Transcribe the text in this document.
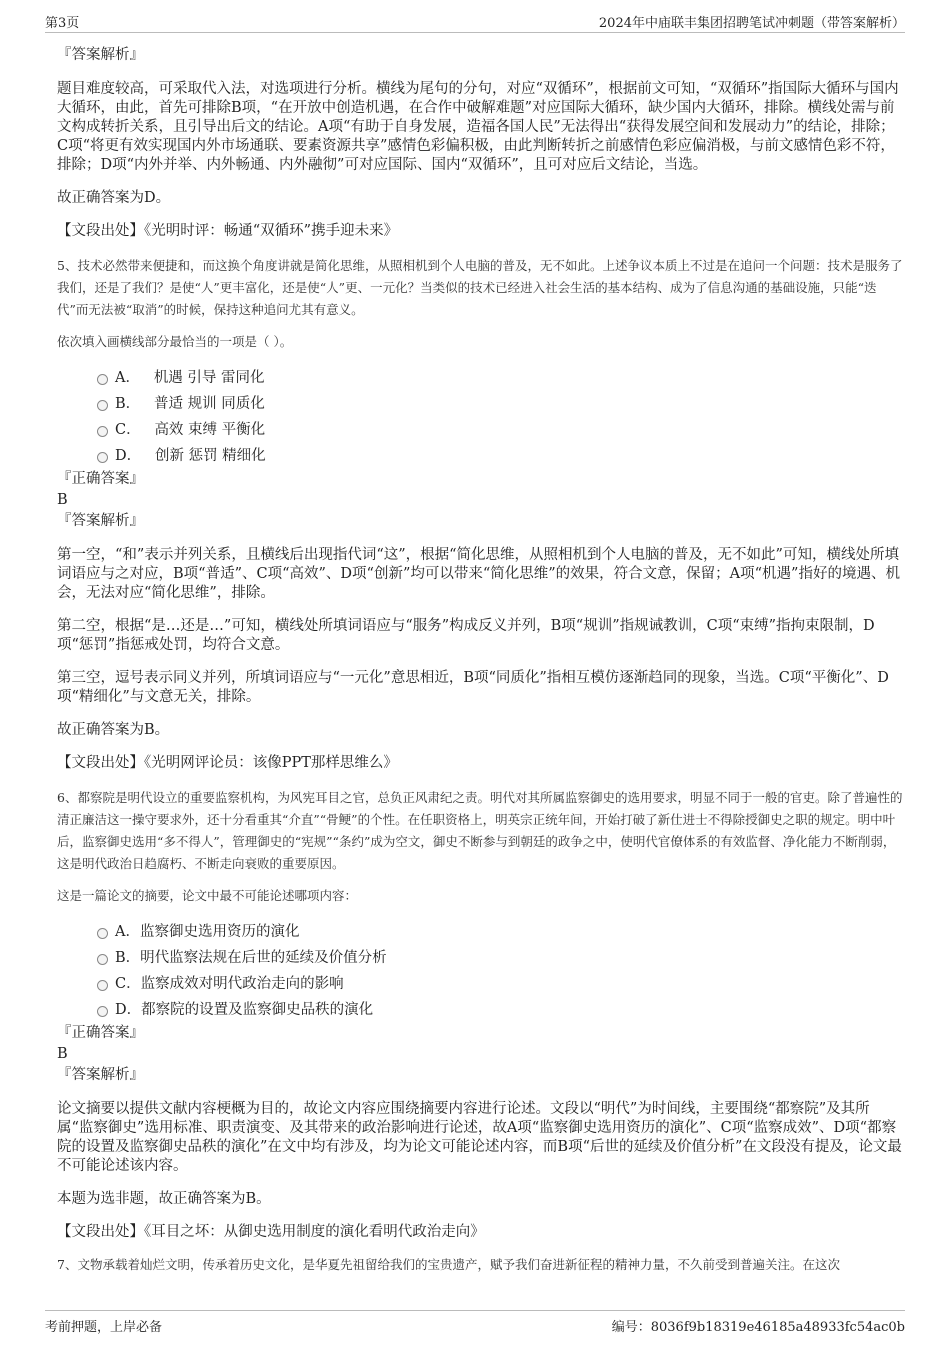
第3页	2024年中庙联丰集团招聘笔试冲刺题（带答案解析）
『答案解析』

题目难度较高，可采取代入法，对选项进行分析。横线为尾句的分句，对应“双循环”，根据前文可知，“双循环”指国际大循环与国内大循环，由此，首先可排除B项，“在开放中创造机遇，在合作中破解难题”对应国际大循环，缺少国内大循环，排除。横线处需与前文构成转折关系，且引导出后文的结论。A项“有助于自身发展，造福各国人民”无法得出“获得发展空间和发展动力”的结论，排除；C项“将更有效实现国内外市场通联、要素资源共享”感情色彩偏积极，由此判断转折之前感情色彩应偏消极，与前文感情色彩不符，排除；D项“内外并举、内外畅通、内外融彻”可对应国际、国内“双循环”，且可对应后文结论，当选。

故正确答案为D。

【文段出处】《光明时评：畅通“双循环”携手迎未来》

5、技术必然带来便捷和，而这换个角度讲就是简化思维，从照相机到个人电脑的普及，无不如此。上述争议本质上不过是在追问一个问题：技术是服务了我们，还是了我们？是使“人”更丰富化，还是使“人”更、一元化？当类似的技术已经进入社会生活的基本结构、成为了信息沟通的基础设施，只能“迭代”而无法被“取消”的时候，保持这种追问尤其有意义。

依次填入画横线部分最恰当的一项是（ ）。

A． 机遇 引导 雷同化
B． 普适 规训 同质化
C． 高效 束缚 平衡化
D． 创新 惩罚 精细化
『正确答案』
B
『答案解析』

第一空，“和”表示并列关系，且横线后出现指代词“这”，根据“简化思维，从照相机到个人电脑的普及，无不如此”可知，横线处所填词语应与之对应，B项“普适”、C项“高效”、D项“创新”均可以带来“简化思维”的效果，符合文意，保留；A项“机遇”指好的境遇、机会，无法对应“简化思维”，排除。

第二空，根据“是…还是…”可知，横线处所填词语应与“服务”构成反义并列，B项“规训”指规诫教训，C项“束缚”指拘束限制，D项“惩罚”指惩戒处罚，均符合文意。

第三空，逗号表示同义并列，所填词语应与“一元化”意思相近，B项“同质化”指相互模仿逐渐趋同的现象，当选。C项“平衡化”、D项“精细化”与文意无关，排除。

故正确答案为B。

【文段出处】《光明网评论员：该像PPT那样思维么》

6、都察院是明代设立的重要监察机构，为风宪耳目之官，总负正风肃纪之责。明代对其所属监察御史的选用要求，明显不同于一般的官吏。除了普遍性的清正廉洁这一操守要求外，还十分看重其“介直”“骨鲠”的个性。在任职资格上，明英宗正统年间，开始打破了新仕进士不得除授御史之职的规定。明中叶后，监察御史选用“多不得人”，管理御史的“宪规”“条约”成为空文，御史不断参与到朝廷的政争之中，使明代官僚体系的有效监督、净化能力不断削弱，这是明代政治日趋腐朽、不断走向衰败的重要原因。

这是一篇论文的摘要，论文中最不可能论述哪项内容：

A．监察御史选用资历的演化
B．明代监察法规在后世的延续及价值分析
C．监察成效对明代政治走向的影响
D．都察院的设置及监察御史品秩的演化
『正确答案』
B
『答案解析』

论文摘要以提供文献内容梗概为目的，故论文内容应围绕摘要内容进行论述。文段以“明代”为时间线，主要围绕“都察院”及其所属“监察御史”选用标准、职责演变、及其带来的政治影响进行论述，故A项“监察御史选用资历的演化”、C项“监察成效”、D项“都察院的设置及监察御史品秩的演化”在文中均有涉及，均为论文可能论述内容，而B项“后世的延续及价值分析”在文段没有提及，论文最不可能论述该内容。

本题为选非题，故正确答案为B。

【文段出处】《耳目之坏：从御史选用制度的演化看明代政治走向》

7、文物承载着灿烂文明，传承着历史文化，是华夏先祖留给我们的宝贵遗产，赋予我们奋进新征程的精神力量，不久前受到普遍关注。在这次

考前押题，上岸必备	编号：8036f9b18319e46185a48933fc54ac0b
